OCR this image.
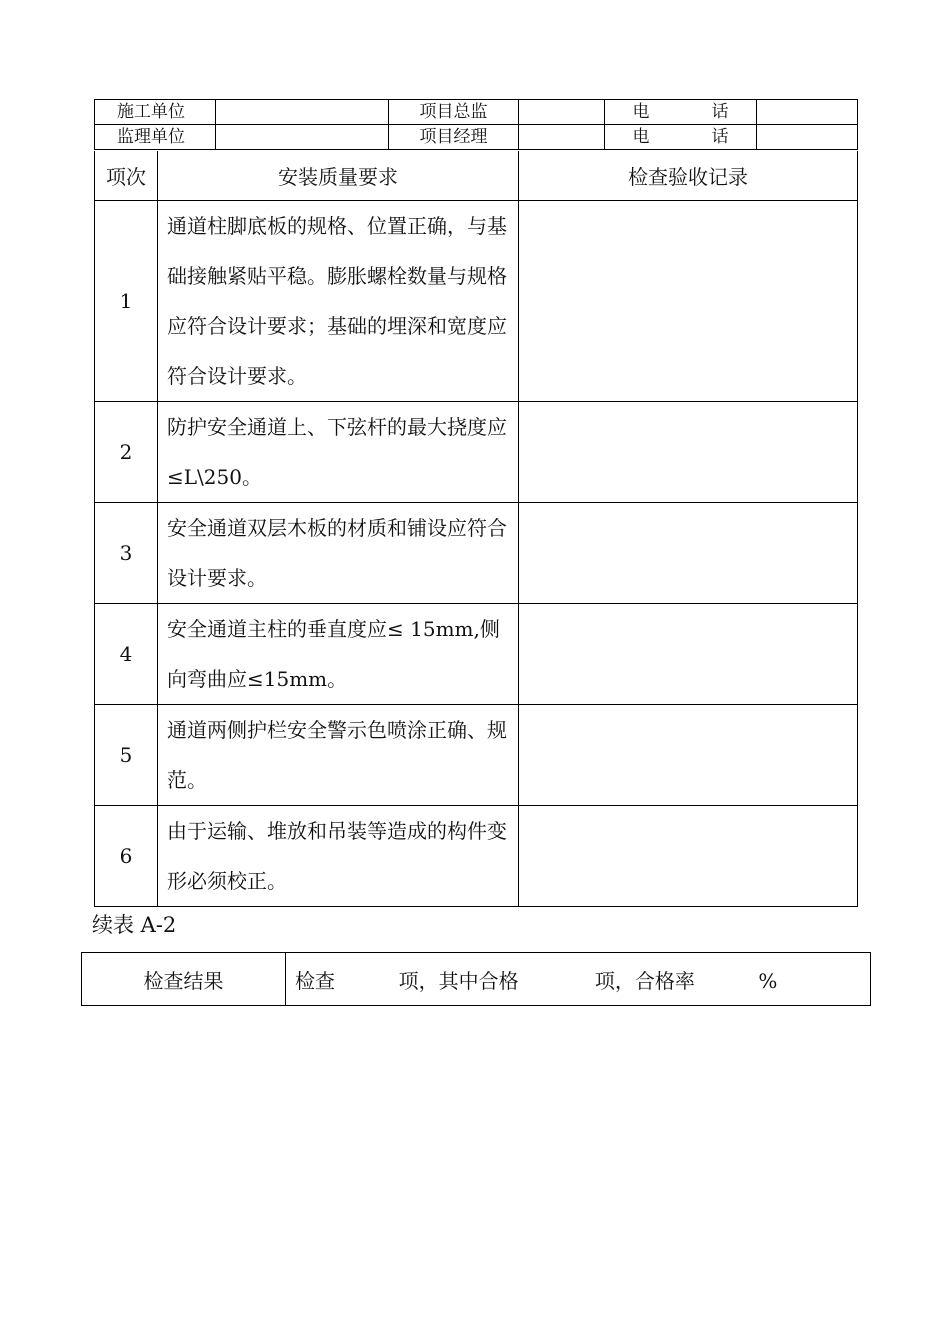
施工单位		项目总监		电话	
监理单位		项目经理		电话	
项次	安装质量要求	检查验收记录
1	通道柱脚底板的规格、位置正确，与基础接触紧贴平稳。膨胀螺栓数量与规格应符合设计要求；基础的埋深和宽度应符合设计要求。	
2	防护安全通道上、下弦杆的最大挠度应≤L\250。	
3	安全通道双层木板的材质和铺设应符合设计要求。	
4	安全通道主柱的垂直度应≤ 15mm,侧向弯曲应≤15mm。	
5	通道两侧护栏安全警示色喷涂正确、规范。	
6	由于运输、堆放和吊装等造成的构件变形必须校正。	
续表 A-2
检查结果	检查          项，其中合格            项，合格率          %
